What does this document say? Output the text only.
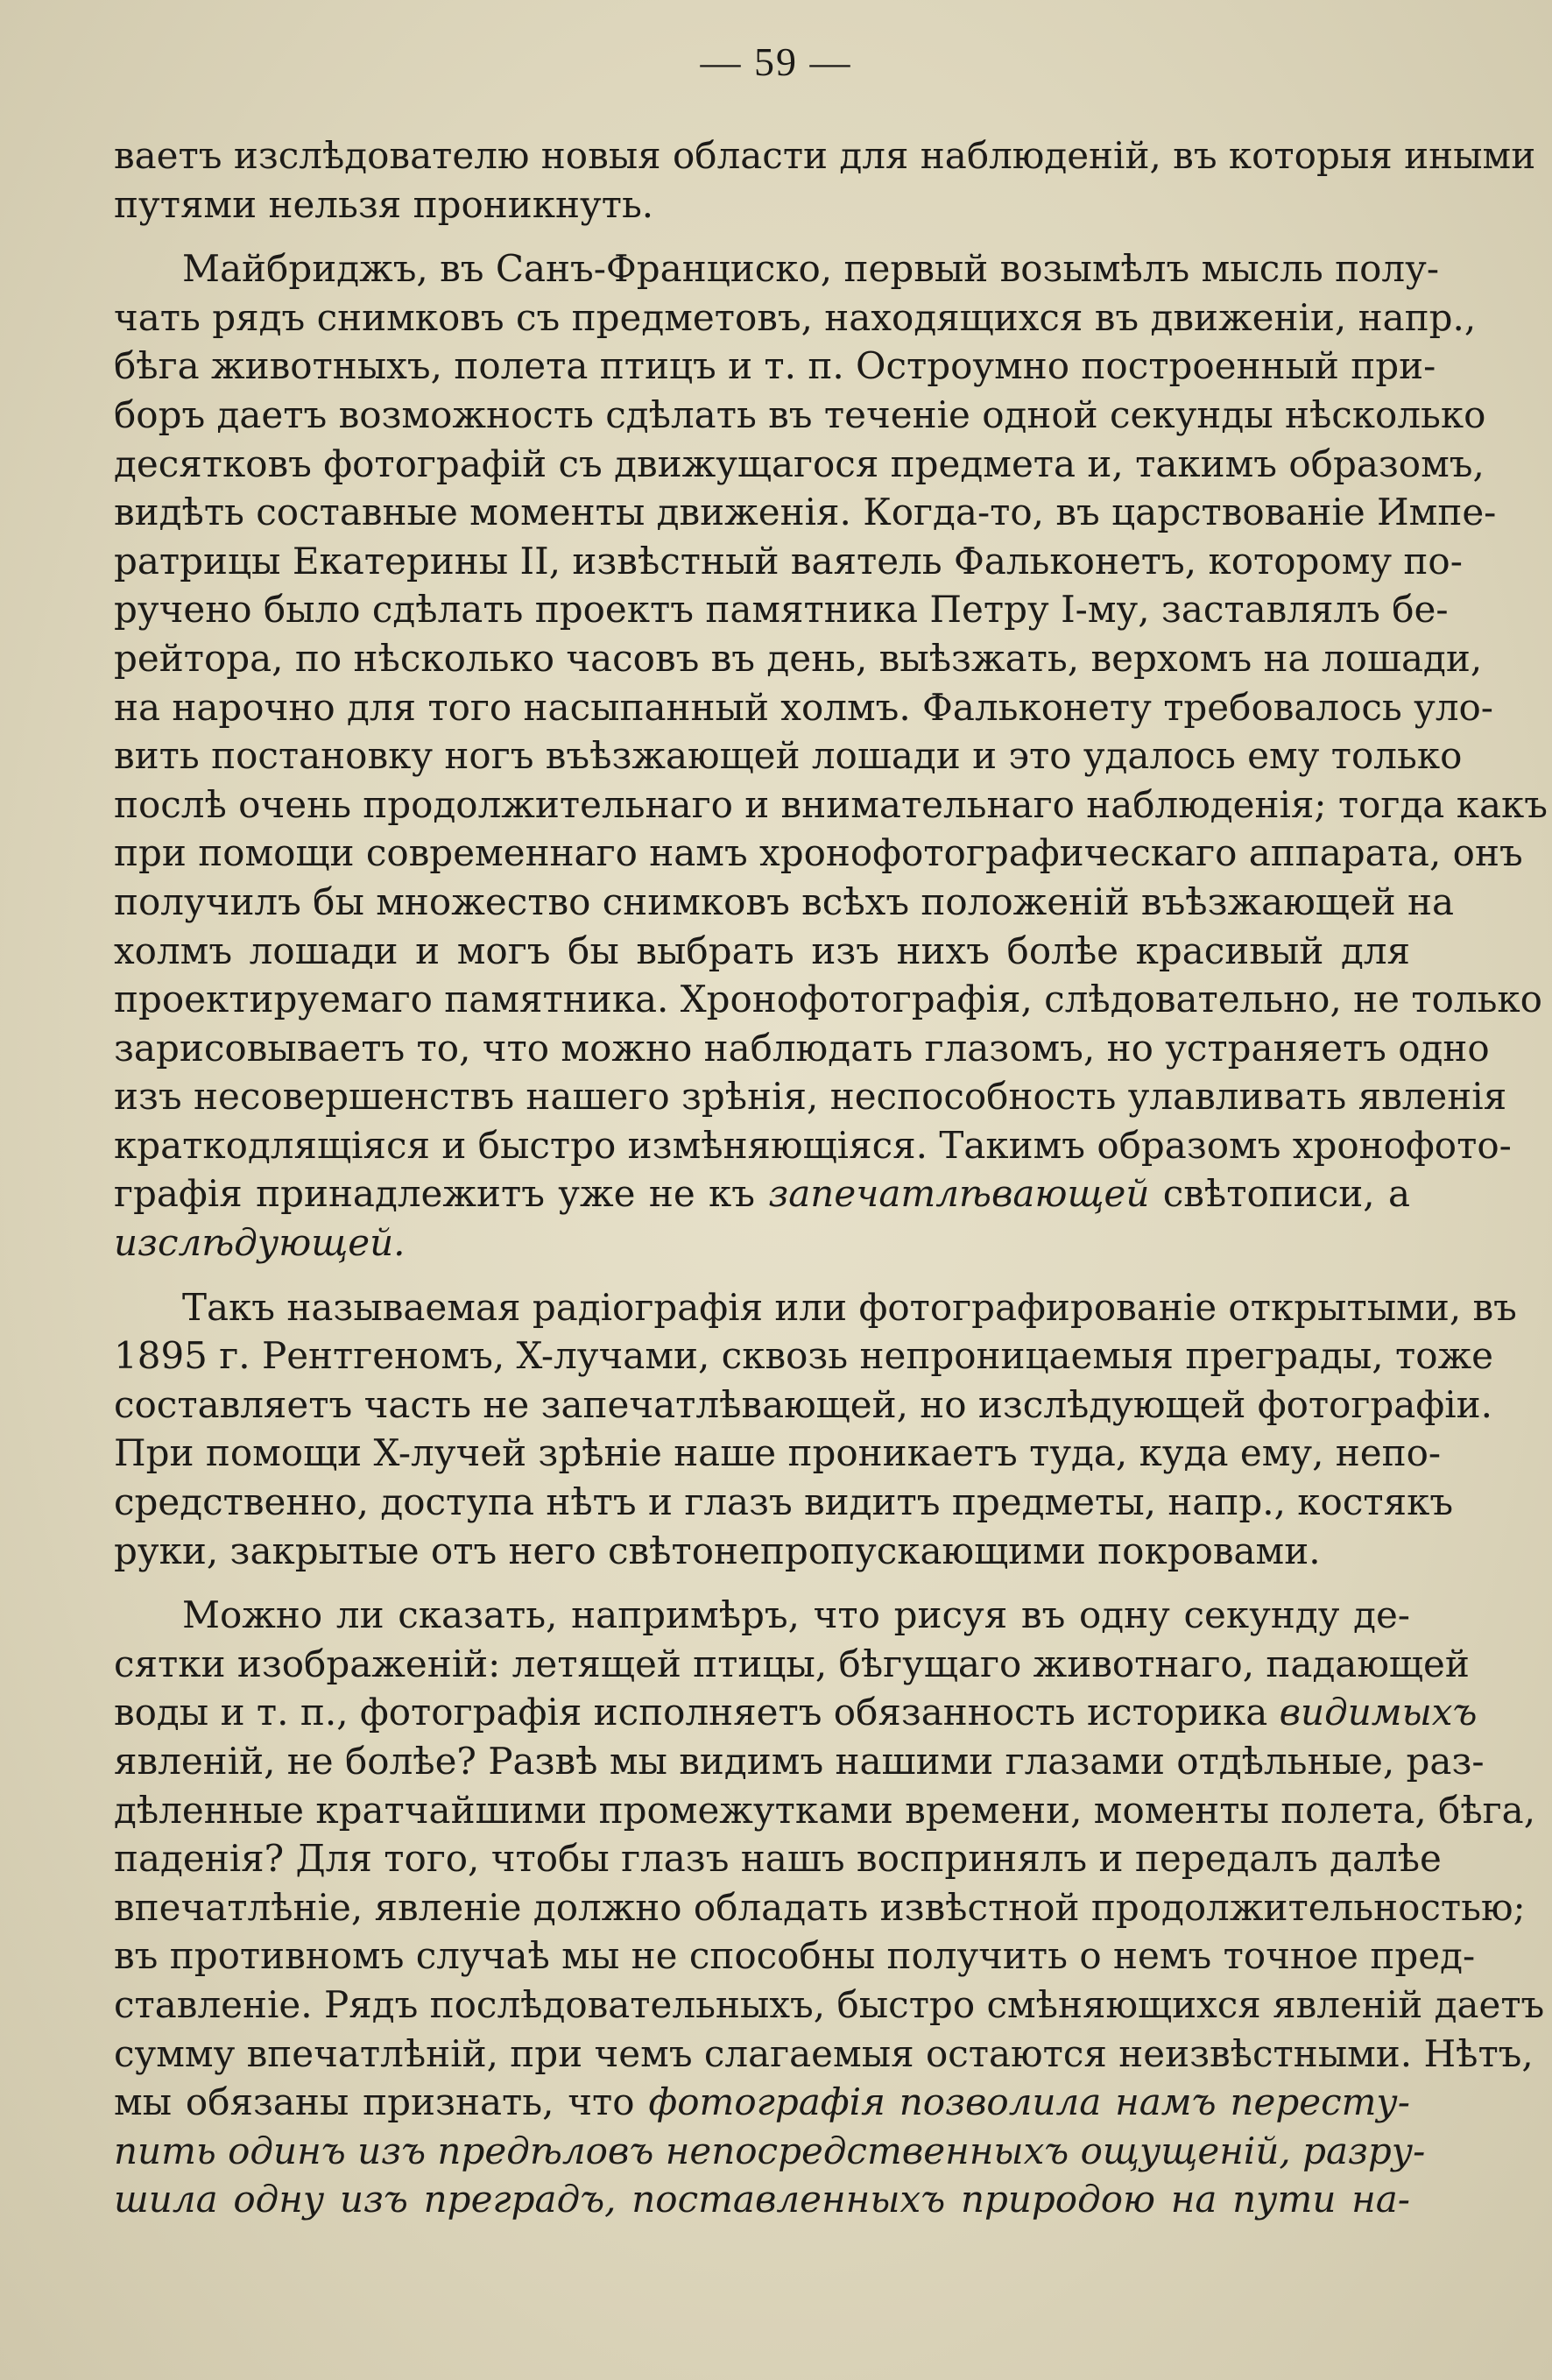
— 59 —
ваетъ изслѣдователю новыя области для наблюденій, въ которыя иными
путями нельзя проникнуть.
Майбриджъ, въ Санъ-Франциско, первый возымѣлъ мысль полу-
чать рядъ снимковъ съ предметовъ, находящихся въ движеніи, напр.,
бѣга животныхъ, полета птицъ и т. п. Остроумно построенный при-
боръ даетъ возможность сдѣлать въ теченіе одной секунды нѣсколько
десятковъ фотографій съ движущагося предмета и, такимъ образомъ,
видѣть составные моменты движенія. Когда-то, въ царствованіе Импе-
ратрицы Екатерины II, извѣстный ваятель Фальконетъ, которому по-
ручено было сдѣлать проектъ памятника Петру I-му, заставлялъ бе-
рейтора, по нѣсколько часовъ въ день, выѣзжать, верхомъ на лошади,
на нарочно для того насыпанный холмъ. Фальконету требовалось уло-
вить постановку ногъ въѣзжающей лошади и это удалось ему только
послѣ очень продолжительнаго и внимательнаго наблюденія; тогда какъ
при помощи современнаго намъ хронофотографическаго аппарата, онъ
получилъ бы множество снимковъ всѣхъ положеній въѣзжающей на
холмъ лошади и могъ бы выбрать изъ нихъ болѣе красивый для
проектируемаго памятника. Хронофотографія, слѣдовательно, не только
зарисовываетъ то, что можно наблюдать глазомъ, но устраняетъ одно
изъ несовершенствъ нашего зрѣнія, неспособность улавливать явленія
краткодлящіяся и быстро измѣняющіяся. Такимъ образомъ хронофото-
графія принадлежитъ уже не къ запечатлѣвающей свѣтописи, а
изслѣдующей.
Такъ называемая радіографія или фотографированіе открытыми, въ
1895 г. Рентгеномъ, X-лучами, сквозь непроницаемыя преграды, тоже
составляетъ часть не запечатлѣвающей, но изслѣдующей фотографіи.
При помощи X-лучей зрѣніе наше проникаетъ туда, куда ему, непо-
средственно, доступа нѣтъ и глазъ видитъ предметы, напр., костякъ
руки, закрытые отъ него свѣтонепропускающими покровами.
Можно ли сказать, напримѣръ, что рисуя въ одну секунду де-
сятки изображеній: летящей птицы, бѣгущаго животнаго, падающей
воды и т. п., фотографія исполняетъ обязанность историка видимыхъ
явленій, не болѣе? Развѣ мы видимъ нашими глазами отдѣльные, раз-
дѣленные кратчайшими промежутками времени, моменты полета, бѣга,
паденія? Для того, чтобы глазъ нашъ воспринялъ и передалъ далѣе
впечатлѣніе, явленіе должно обладать извѣстной продолжительностью;
въ противномъ случаѣ мы не способны получить о немъ точное пред-
ставленіе. Рядъ послѣдовательныхъ, быстро смѣняющихся явленій даетъ
сумму впечатлѣній, при чемъ слагаемыя остаются неизвѣстными. Нѣтъ,
мы обязаны признать, что фотографія позволила намъ пересту-
пить одинъ изъ предѣловъ непосредственныхъ ощущеній, разру-
шила одну изъ преградъ, поставленныхъ природою на пути на-
